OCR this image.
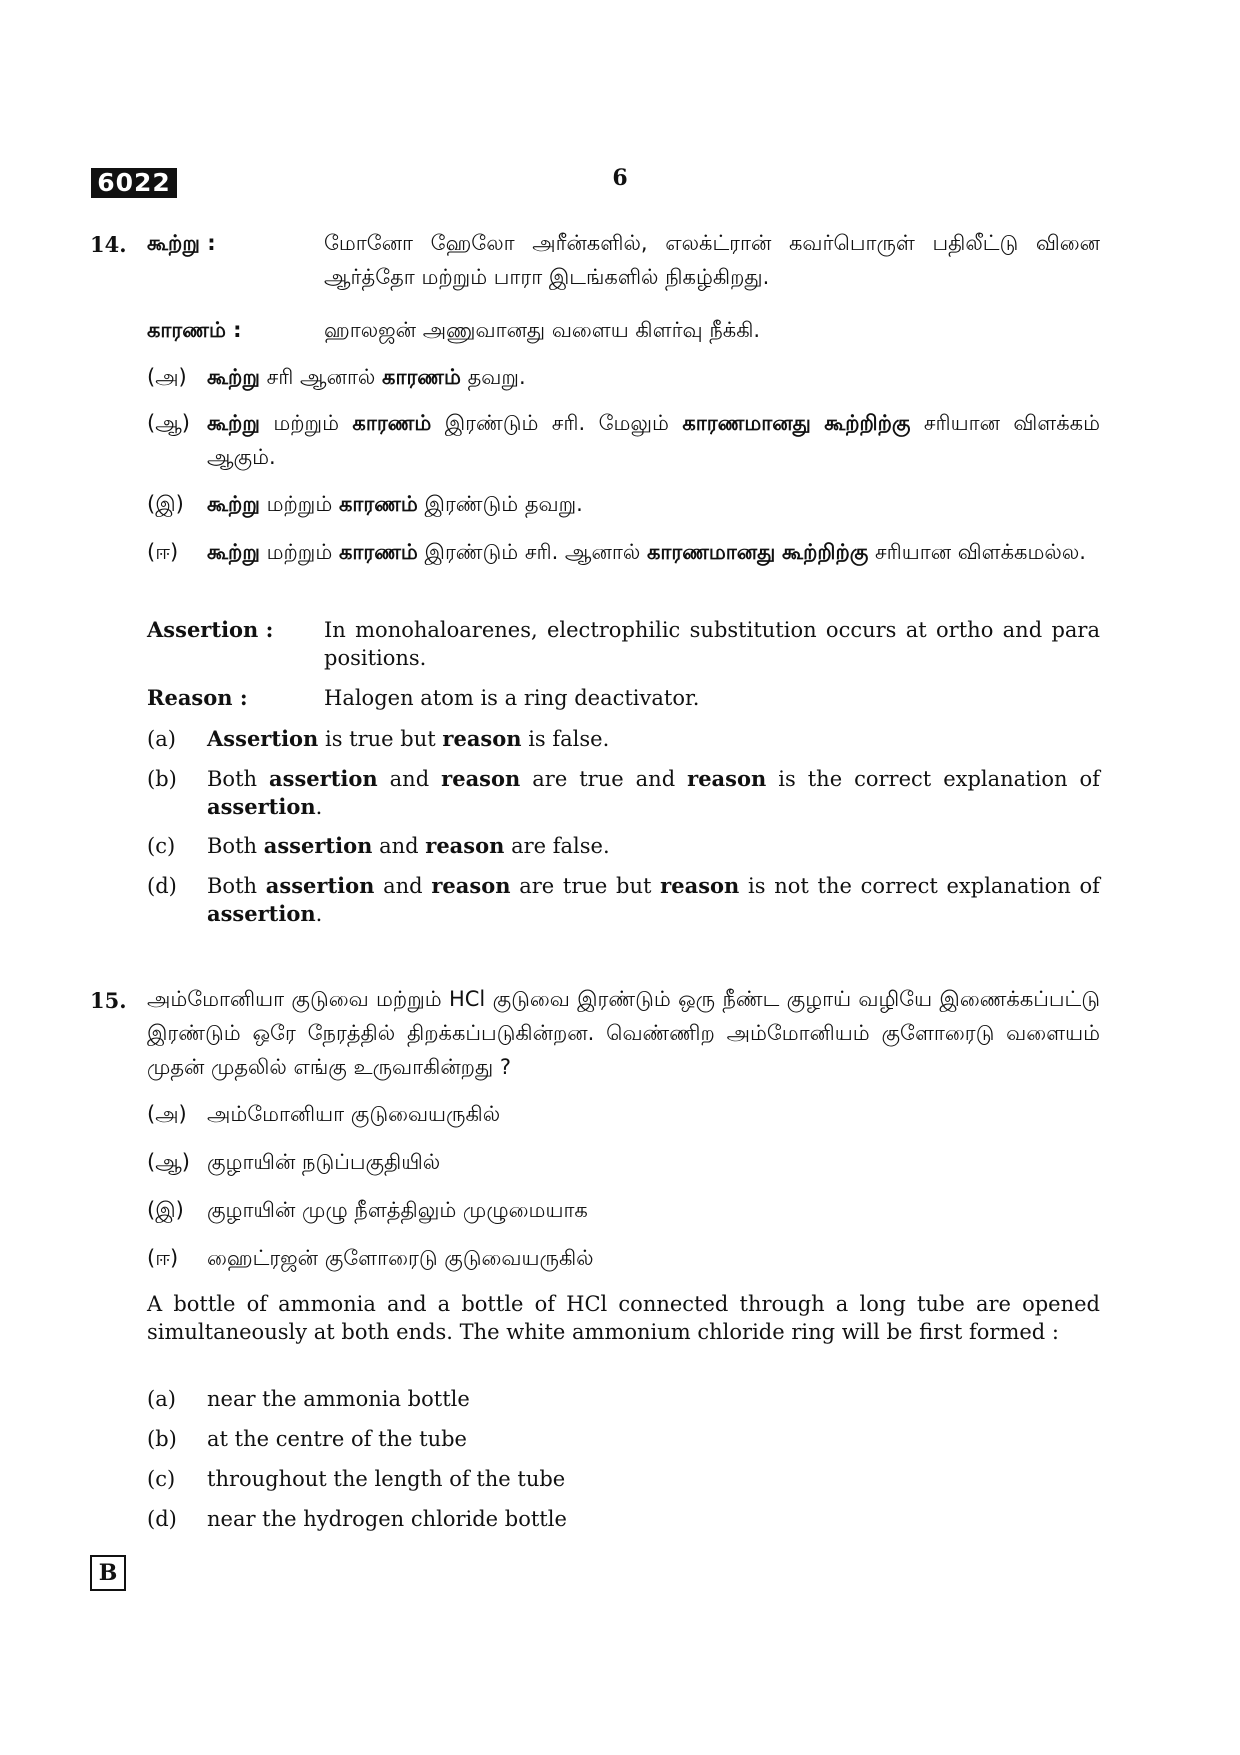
6022	6
14. கூற்று :	மோனோ ஹேலோ அரீன்களில், எலக்ட்ரான் கவர்பொருள் பதிலீட்டு வினை ஆர்த்தோ மற்றும் பாரா இடங்களில் நிகழ்கிறது.
காரணம் :	ஹாலஜன் அணுவானது வளைய கிளர்வு நீக்கி.
(அ) கூற்று சரி ஆனால் காரணம் தவறு.
(ஆ) கூற்று மற்றும் காரணம் இரண்டும் சரி. மேலும் காரணமானது கூற்றிற்கு சரியான விளக்கம் ஆகும்.
(இ)	கூற்று மற்றும் காரணம் இரண்டும் தவறு.
(ஈ)	கூற்று மற்றும் காரணம் இரண்டும் சரி. ஆனால் காரணமானது கூற்றிற்கு சரியான விளக்கமல்ல.
Assertion :	In monohaloarenes, electrophilic substitution occurs at ortho and para positions.
Reason :	Halogen atom is a ring deactivator.
(a)	Assertion is true but reason is false.
(b)	Both assertion and reason are true and reason is the correct explanation of assertion.
(c)	Both assertion and reason are false.
(d)	Both assertion and reason are true but reason is not the correct explanation of assertion.
15. அம்மோனியா குடுவை மற்றும் HCl குடுவை இரண்டும் ஒரு நீண்ட குழாய் வழியே இணைக்கப்பட்டு இரண்டும் ஒரே நேரத்தில் திறக்கப்படுகின்றன. வெண்ணிற அம்மோனியம் குளோரைடு வளையம் முதன் முதலில் எங்கு உருவாகின்றது ?
(அ) அம்மோனியா குடுவையருகில்
(ஆ) குழாயின் நடுப்பகுதியில்
(இ)	குழாயின் முழு நீளத்திலும் முழுமையாக
(ஈ)	ஹைட்ரஜன் குளோரைடு குடுவையருகில்
A bottle of ammonia and a bottle of HCl connected through a long tube are opened simultaneously at both ends. The white ammonium chloride ring will be first formed :
(a)	near the ammonia bottle
(b)	at the centre of the tube
(c)	throughout the length of the tube
(d)	near the hydrogen chloride bottle
B
